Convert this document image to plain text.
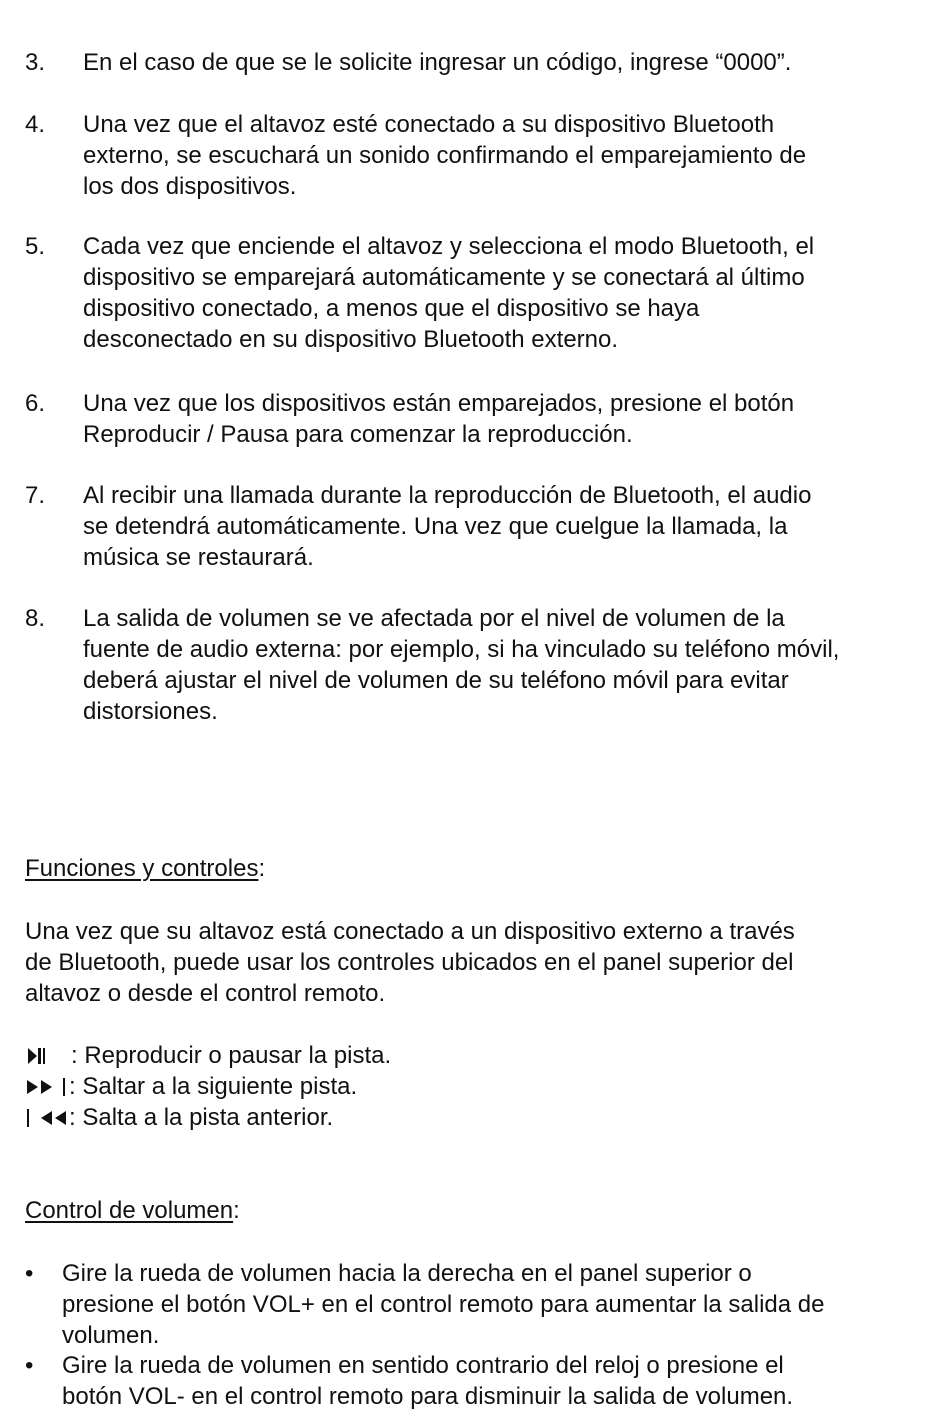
3.	En el caso de que se le solicite ingresar un código, ingrese “0000”.
4.	Una vez que el altavoz esté conectado a su dispositivo Bluetooth
externo, se escuchará un sonido confirmando el emparejamiento de
los dos dispositivos.
5.	Cada vez que enciende el altavoz y selecciona el modo Bluetooth, el
dispositivo se emparejará automáticamente y se conectará al último
dispositivo conectado, a menos que el dispositivo se haya
desconectado en su dispositivo Bluetooth externo.
6.	Una vez que los dispositivos están emparejados, presione el botón
Reproducir / Pausa para comenzar la reproducción.
7.	Al recibir una llamada durante la reproducción de Bluetooth, el audio
se detendrá automáticamente. Una vez que cuelgue la llamada, la
música se restaurará.
8.	La salida de volumen se ve afectada por el nivel de volumen de la
fuente de audio externa: por ejemplo, si ha vinculado su teléfono móvil,
deberá ajustar el nivel de volumen de su teléfono móvil para evitar
distorsiones.
Funciones y controles:
Una vez que su altavoz está conectado a un dispositivo externo a través
de Bluetooth, puede usar los controles ubicados en el panel superior del
altavoz o desde el control remoto.
: Reproducir o pausar la pista.
: Saltar a la siguiente pista.
: Salta a la pista anterior.
Control de volumen:
•	Gire la rueda de volumen hacia la derecha en el panel superior o
presione el botón VOL+ en el control remoto para aumentar la salida de
volumen.
•	Gire la rueda de volumen en sentido contrario del reloj o presione el
botón VOL- en el control remoto para disminuir la salida de volumen.
